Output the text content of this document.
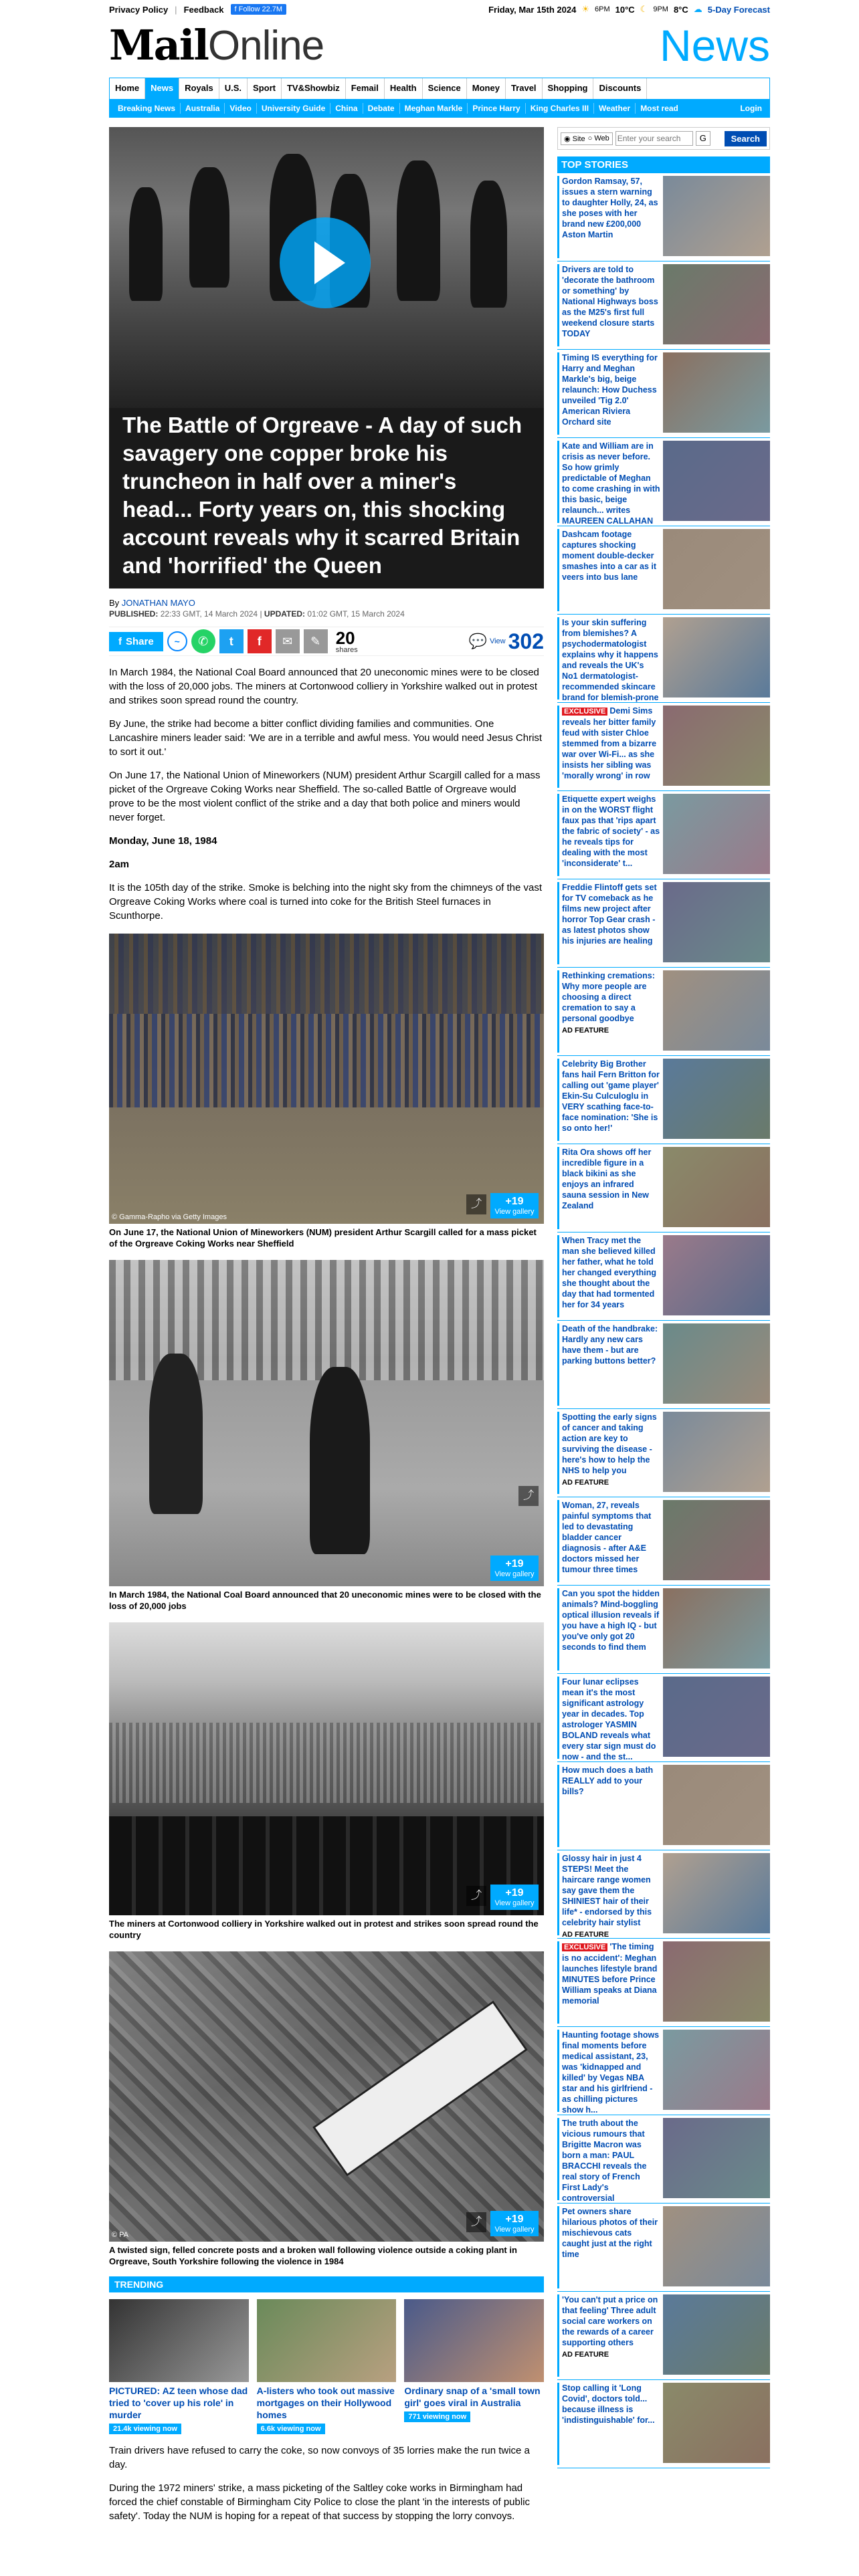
Privacy Policy | Feedback	f Follow 22.7M	Friday, Mar 15th 2024 ☀ 6PM 10°C ☾ 9PM 8°C ☁ 5-Day Forecast
MailOnline	News
Home	News	Royals	U.S.	Sport	TV&Showbiz	Femail	Health	Science	Money	Travel	Shopping	Discounts
Breaking News	Australia	Video	University Guide	China	Debate	Meghan Markle	Prince Harry	King Charles III	Weather	Most read	Login
The Battle of Orgreave - A day of such savagery one copper broke his truncheon in half over a miner's head... Forty years on, this shocking account reveals why it scarred Britain and 'horrified' the Queen
By JONATHAN MAYO
PUBLISHED: 22:33 GMT, 14 March 2024 | UPDATED: 01:02 GMT, 15 March 2024
f Share	~	✆	t	f	✉	✎ 20
shares
💬 View 302

In March 1984, the National Coal Board announced that 20 uneconomic mines were to be closed with the loss of 20,000 jobs. The miners at Cortonwood colliery in Yorkshire walked out in protest and strikes soon spread round the country.

By June, the strike had become a bitter conflict dividing families and communities. One Lancashire miners leader said: 'We are in a terrible and awful mess. You would need Jesus Christ to sort it out.'

On June 17, the National Union of Mineworkers (NUM) president Arthur Scargill called for a mass picket of the Orgreave Coking Works near Sheffield. The so-called Battle of Orgreave would prove to be the most violent conflict of the strike and a day that both police and miners would never forget.

Monday, June 18, 1984

2am

It is the 105th day of the strike. Smoke is belching into the night sky from the chimneys of the vast Orgreave Coking Works where coal is turned into coke for the British Steel furnaces in Scunthorpe.

© Gamma-Rapho via Getty Images
⤴	+19
View gallery
On June 17, the National Union of Mineworkers (NUM) president Arthur Scargill called for a mass picket of the Orgreave Coking Works near Sheffield
⤴
+19
View gallery
In March 1984, the National Coal Board announced that 20 uneconomic mines were to be closed with the loss of 20,000 jobs
⤴	+19
View gallery
The miners at Cortonwood colliery in Yorkshire walked out in protest and strikes soon spread round the country
© PA
⤴	+19
View gallery
A twisted sign, felled concrete posts and a broken wall following violence outside a coking plant in Orgreave, South Yorkshire following the violence in 1984
TRENDING
PICTURED: AZ teen whose dad tried to 'cover up his role' in murder
21.4k viewing now
A-listers who took out massive mortgages on their Hollywood homes
6.6k viewing now
Ordinary snap of a 'small town girl' goes viral in Australia
771 viewing now

Train drivers have refused to carry the coke, so now convoys of 35 lorries make the run twice a day.

During the 1972 miners' strike, a mass picketing of the Saltley coke works in Birmingham had forced the chief constable of Birmingham City Police to close the plant 'in the interests of public safety'. Today the NUM is hoping for a repeat of that success by stopping the lorry convoys.

◉ Site ○ Web
Enter your search	G	Search
TOP STORIES
Gordon Ramsay, 57, issues a stern warning to daughter Holly, 24, as she poses with her brand new £200,000 Aston Martin
Drivers are told to 'decorate the bathroom or something' by National Highways boss as the M25's first full weekend closure starts TODAY
Timing IS everything for Harry and Meghan Markle's big, beige relaunch: How Duchess unveiled 'Tig 2.0' American Riviera Orchard site
Kate and William are in crisis as never before. So how grimly predictable of Meghan to come crashing in with this basic, beige relaunch... writes MAUREEN CALLAHAN
Dashcam footage captures shocking moment double-decker smashes into a car as it veers into bus lane
Is your skin suffering from blemishes? A psychodermatologist explains why it happens and reveals the UK's No1 dermatologist-recommended skincare brand for blemish-prone
EXCLUSIVE Demi Sims reveals her bitter family feud with sister Chloe stemmed from a bizarre war over Wi-Fi... as she insists her sibling was 'morally wrong' in row
Etiquette expert weighs in on the WORST flight faux pas that 'rips apart the fabric of society' - as he reveals tips for dealing with the most 'inconsiderate' t...
Freddie Flintoff gets set for TV comeback as he films new project after horror Top Gear crash - as latest photos show his injuries are healing
Rethinking cremations: Why more people are choosing a direct cremation to say a personal goodbye
AD FEATURE
Celebrity Big Brother fans hail Fern Britton for calling out 'game player' Ekin-Su Culculoglu in VERY scathing face-to-face nomination: 'She is so onto her!'
Rita Ora shows off her incredible figure in a black bikini as she enjoys an infrared sauna session in New Zealand
When Tracy met the man she believed killed her father, what he told her changed everything she thought about the day that had tormented her for 34 years
Death of the handbrake: Hardly any new cars have them - but are parking buttons better?
Spotting the early signs of cancer and taking action are key to surviving the disease - here's how to help the NHS to help you
AD FEATURE
Woman, 27, reveals painful symptoms that led to devastating bladder cancer diagnosis - after A&E doctors missed her tumour three times
Can you spot the hidden animals? Mind-boggling optical illusion reveals if you have a high IQ - but you've only got 20 seconds to find them
Four lunar eclipses mean it's the most significant astrology year in decades. Top astrologer YASMIN BOLAND reveals what every star sign must do now - and the st...
How much does a bath REALLY add to your bills?
Glossy hair in just 4 STEPS! Meet the haircare range women say gave them the SHINIEST hair of their life* - endorsed by this celebrity hair stylist
AD FEATURE
EXCLUSIVE 'The timing is no accident': Meghan launches lifestyle brand MINUTES before Prince William speaks at Diana memorial
Haunting footage shows final moments before medical assistant, 23, was 'kidnapped and killed' by Vegas NBA star and his girlfriend - as chilling pictures show h...
The truth about the vicious rumours that Brigitte Macron was born a man: PAUL BRACCHI reveals the real story of French First Lady's controversial
Pet owners share hilarious photos of their mischievous cats caught just at the right time
'You can't put a price on that feeling' Three adult social care workers on the rewards of a career supporting others
AD FEATURE
Stop calling it 'Long Covid', doctors told... because illness is 'indistinguishable' for...
